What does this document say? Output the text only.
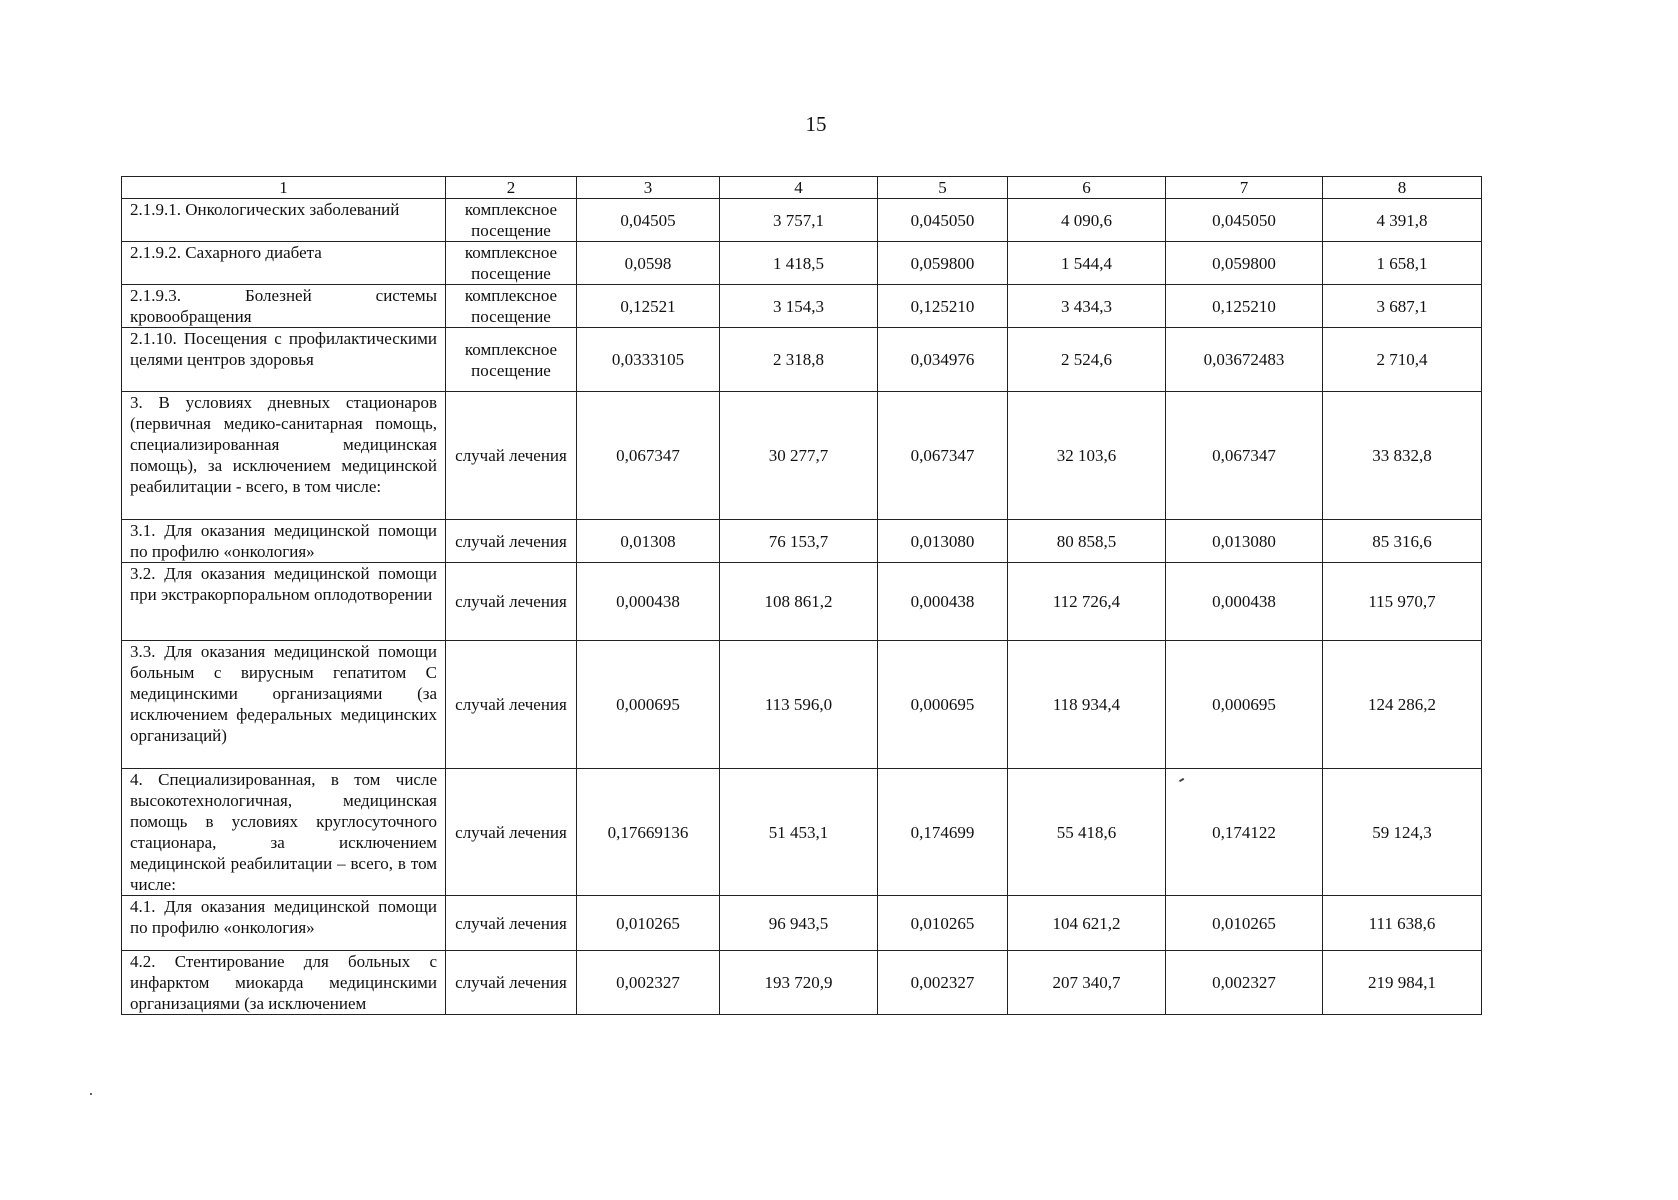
15
1	2	3	4	5	6	7	8
2.1.9.1. Онкологических заболеваний	комплексное посещение	0,04505	3 757,1	0,045050	4 090,6	0,045050	4 391,8
2.1.9.2. Сахарного диабета	комплексное посещение	0,0598	1 418,5	0,059800	1 544,4	0,059800	1 658,1
2.1.9.3. Болезней системы кровообращения	комплексное посещение	0,12521	3 154,3	0,125210	3 434,3	0,125210	3 687,1
2.1.10. Посещения с профилактическими целями центров здоровья	комплексное посещение	0,0333105	2 318,8	0,034976	2 524,6	0,03672483	2 710,4
3. В условиях дневных стационаров (первичная медико-санитарная помощь, специализированная медицинская помощь), за исключением медицинской реабилитации - всего, в том числе:	случай лечения	0,067347	30 277,7	0,067347	32 103,6	0,067347	33 832,8
3.1. Для оказания медицинской помощи по профилю «онкология»	случай лечения	0,01308	76 153,7	0,013080	80 858,5	0,013080	85 316,6
3.2. Для оказания медицинской помощи при экстракорпоральном оплодотворении	случай лечения	0,000438	108 861,2	0,000438	112 726,4	0,000438	115 970,7
3.3. Для оказания медицинской помощи больным с вирусным гепатитом С медицинскими организациями (за исключением федеральных медицинских организаций)	случай лечения	0,000695	113 596,0	0,000695	118 934,4	0,000695	124 286,2
4. Специализированная, в том числе высокотехнологичная, медицинская помощь в условиях круглосуточного стационара, за исключением медицинской реабилитации – всего, в том числе:	случай лечения	0,17669136	51 453,1	0,174699	55 418,6	0,174122	59 124,3
4.1. Для оказания медицинской помощи по профилю «онкология»	случай лечения	0,010265	96 943,5	0,010265	104 621,2	0,010265	111 638,6
4.2. Стентирование для больных с инфарктом миокарда медицинскими организациями (за исключением	случай лечения	0,002327	193 720,9	0,002327	207 340,7	0,002327	219 984,1
